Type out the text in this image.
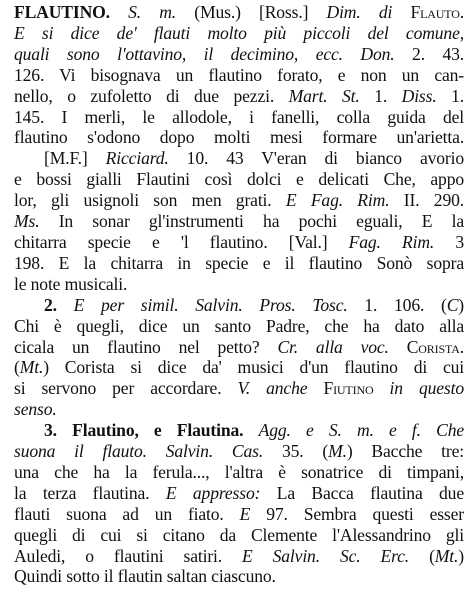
FLAUTINO. S. m. (Mus.) [Ross.] Dim. di Flauto.
E si dice de' flauti molto più piccoli del comune,
quali sono l'ottavino, il decimino, ecc. Don. 2. 43.
126. Vi bisognava un flautino forato, e non un can-
nello, o zufoletto di due pezzi. Mart. St. 1. Diss. 1.
145. I merli, le allodole, i fanelli, colla guida del
flautino s'odono dopo molti mesi formare un'arietta.
[M.F.] Ricciard. 10. 43 V'eran di bianco avorio
e bossi gialli Flautini così dolci e delicati Che, appo
lor, gli usignoli son men grati. E Fag. Rim. II. 290.
Ms. In sonar gl'instrumenti ha pochi eguali, E la
chitarra specie e 'l flautino. [Val.] Fag. Rim. 3
198. E la chitarra in specie e il flautino Sonò sopra
le note musicali.
2. E per simil. Salvin. Pros. Tosc. 1. 106. (C)
Chi è quegli, dice un santo Padre, che ha dato alla
cicala un flautino nel petto? Cr. alla voc. Corista.
(Mt.) Corista si dice da' musici d'un flautino di cui
si servono per accordare. V. anche Fiutino in questo
senso.
3. Flautino, e Flautina. Agg. e S. m. e f. Che
suona il flauto. Salvin. Cas. 35. (M.) Bacche tre:
una che ha la ferula..., l'altra è sonatrice di timpani,
la terza flautina. E appresso: La Bacca flautina due
flauti suona ad un fiato. E 97. Sembra questi esser
quegli di cui si citano da Clemente l'Alessandrino gli
Auledi, o flautini satiri. E Salvin. Sc. Erc. (Mt.)
Quindi sotto il flautin saltan ciascuno.
